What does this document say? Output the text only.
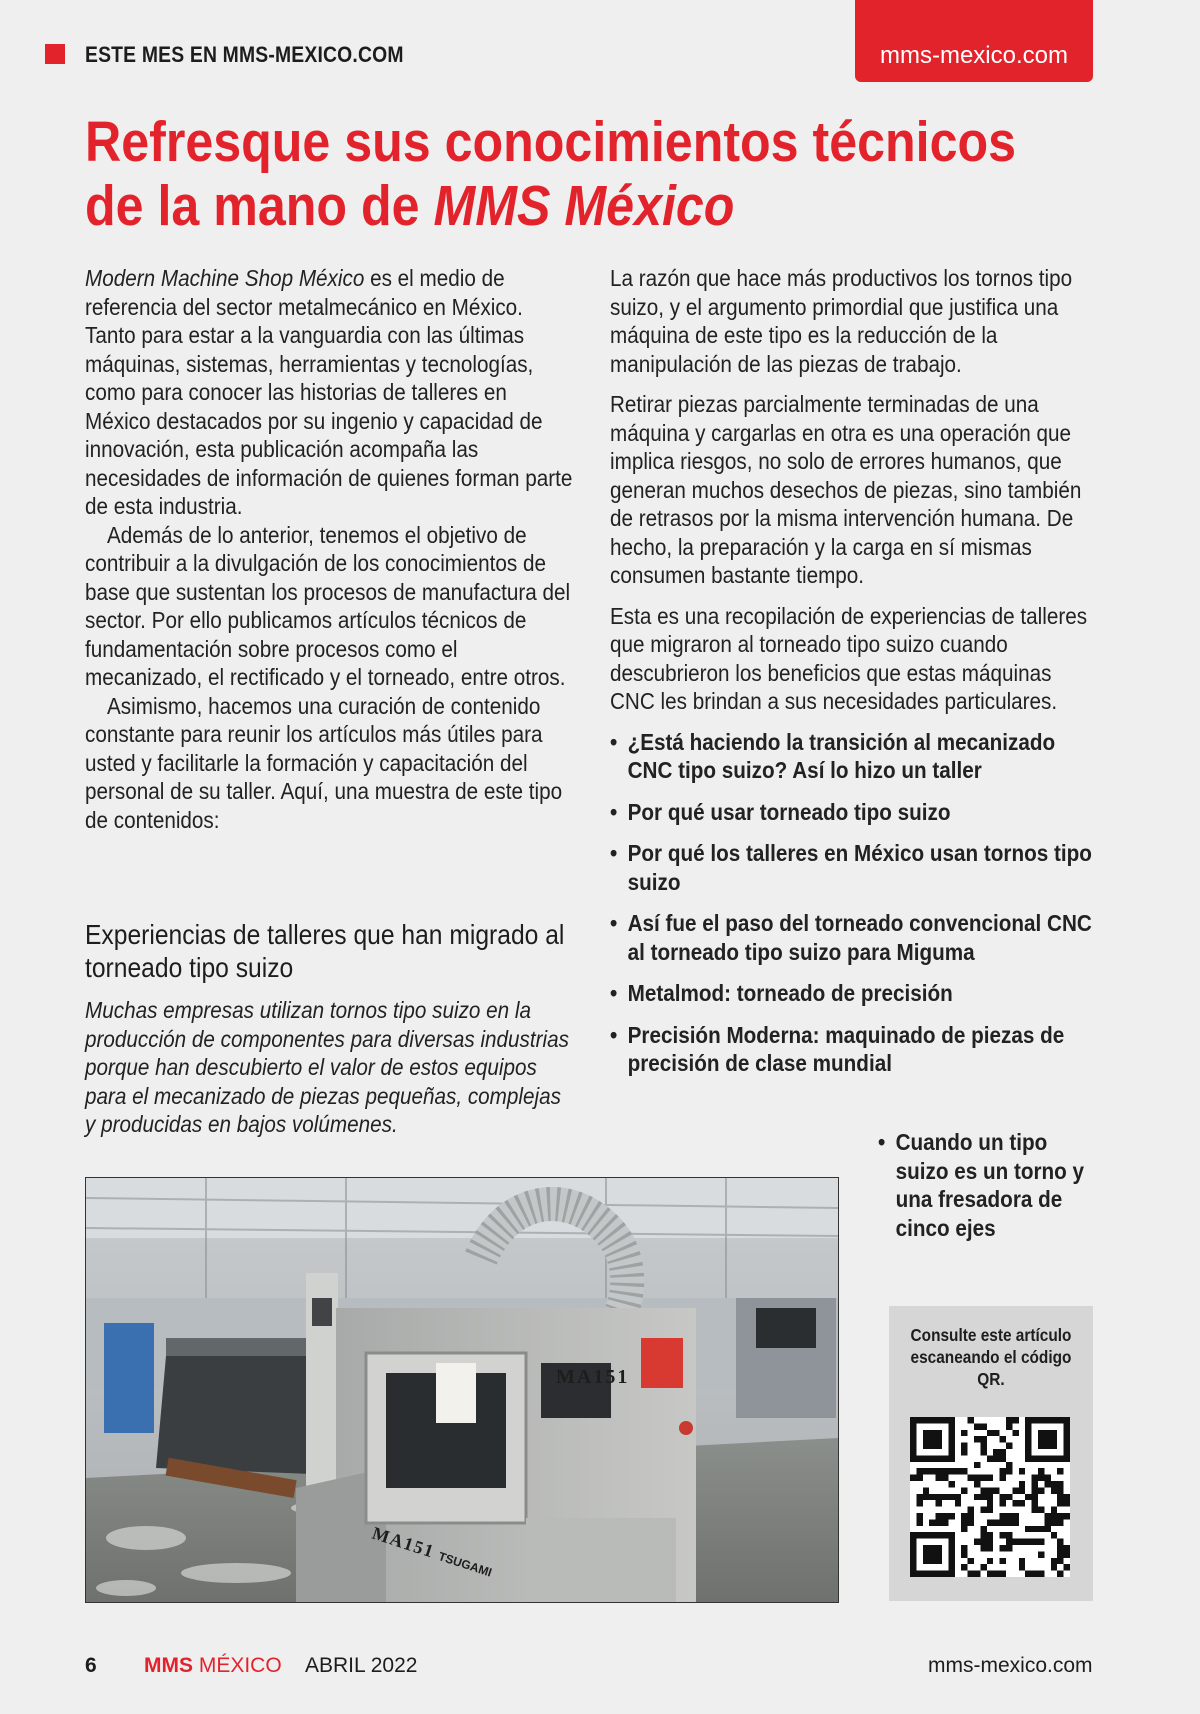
ESTE MES EN MMS-MEXICO.COM	mms-mexico.com
Refresque sus conocimientos técnicos
de la mano de MMS México

Modern Machine Shop México es el medio de referencia del sector metalmecánico en México. Tanto para estar a la vanguardia con las últimas máquinas, sistemas, herramientas y tecnologías, como para conocer las historias de talleres en México destacados por su ingenio y capacidad de innovación, esta publicación acompaña las necesidades de información de quienes forman parte de esta industria.

Además de lo anterior, tenemos el objetivo de contribuir a la divulgación de los conocimientos de base que sustentan los procesos de manufactura del sector. Por ello publicamos artículos técnicos de fundamentación sobre procesos como el mecanizado, el rectificado y el torneado, entre otros.

Asimismo, hacemos una curación de contenido constante para reunir los artículos más útiles para usted y facilitarle la formación y capacitación del personal de su taller. Aquí, una muestra de este tipo de contenidos:

Experiencias de talleres que han migrado al torneado tipo suizo
Muchas empresas utilizan tornos tipo suizo en la producción de componentes para diversas industrias porque han descubierto el valor de estos equipos para el mecanizado de piezas pequeñas, complejas y producidas en bajos volúmenes.

La razón que hace más productivos los tornos tipo suizo, y el argumento primordial que justifica una máquina de este tipo es la reducción de la manipulación de las piezas de trabajo.

Retirar piezas parcialmente terminadas de una máquina y cargarlas en otra es una operación que implica riesgos, no solo de errores humanos, que generan muchos desechos de piezas, sino también de retrasos por la misma intervención humana. De hecho, la preparación y la carga en sí mismas consumen bastante tiempo.

Esta es una recopilación de experiencias de talleres que migraron al torneado tipo suizo cuando descubrieron los beneficios que estas máquinas CNC les brindan a sus necesidades particulares.

• ¿Está haciendo la transición al mecanizado CNC tipo suizo? Así lo hizo un taller
• Por qué usar torneado tipo suizo
• Por qué los talleres en México usan tornos tipo suizo
• Así fue el paso del torneado convencional CNC al torneado tipo suizo para Miguma
• Metalmod: torneado de precisión
• Precisión Moderna: maquinado de piezas de precisión de clase mundial
• Cuando un tipo suizo es un torno y una fresadora de cinco ejes
MA151
MA151
TSUGAMI
Consulte este artículo escaneando el código QR.
6 MMS MÉXICO ABRIL 2022	mms-mexico.com
